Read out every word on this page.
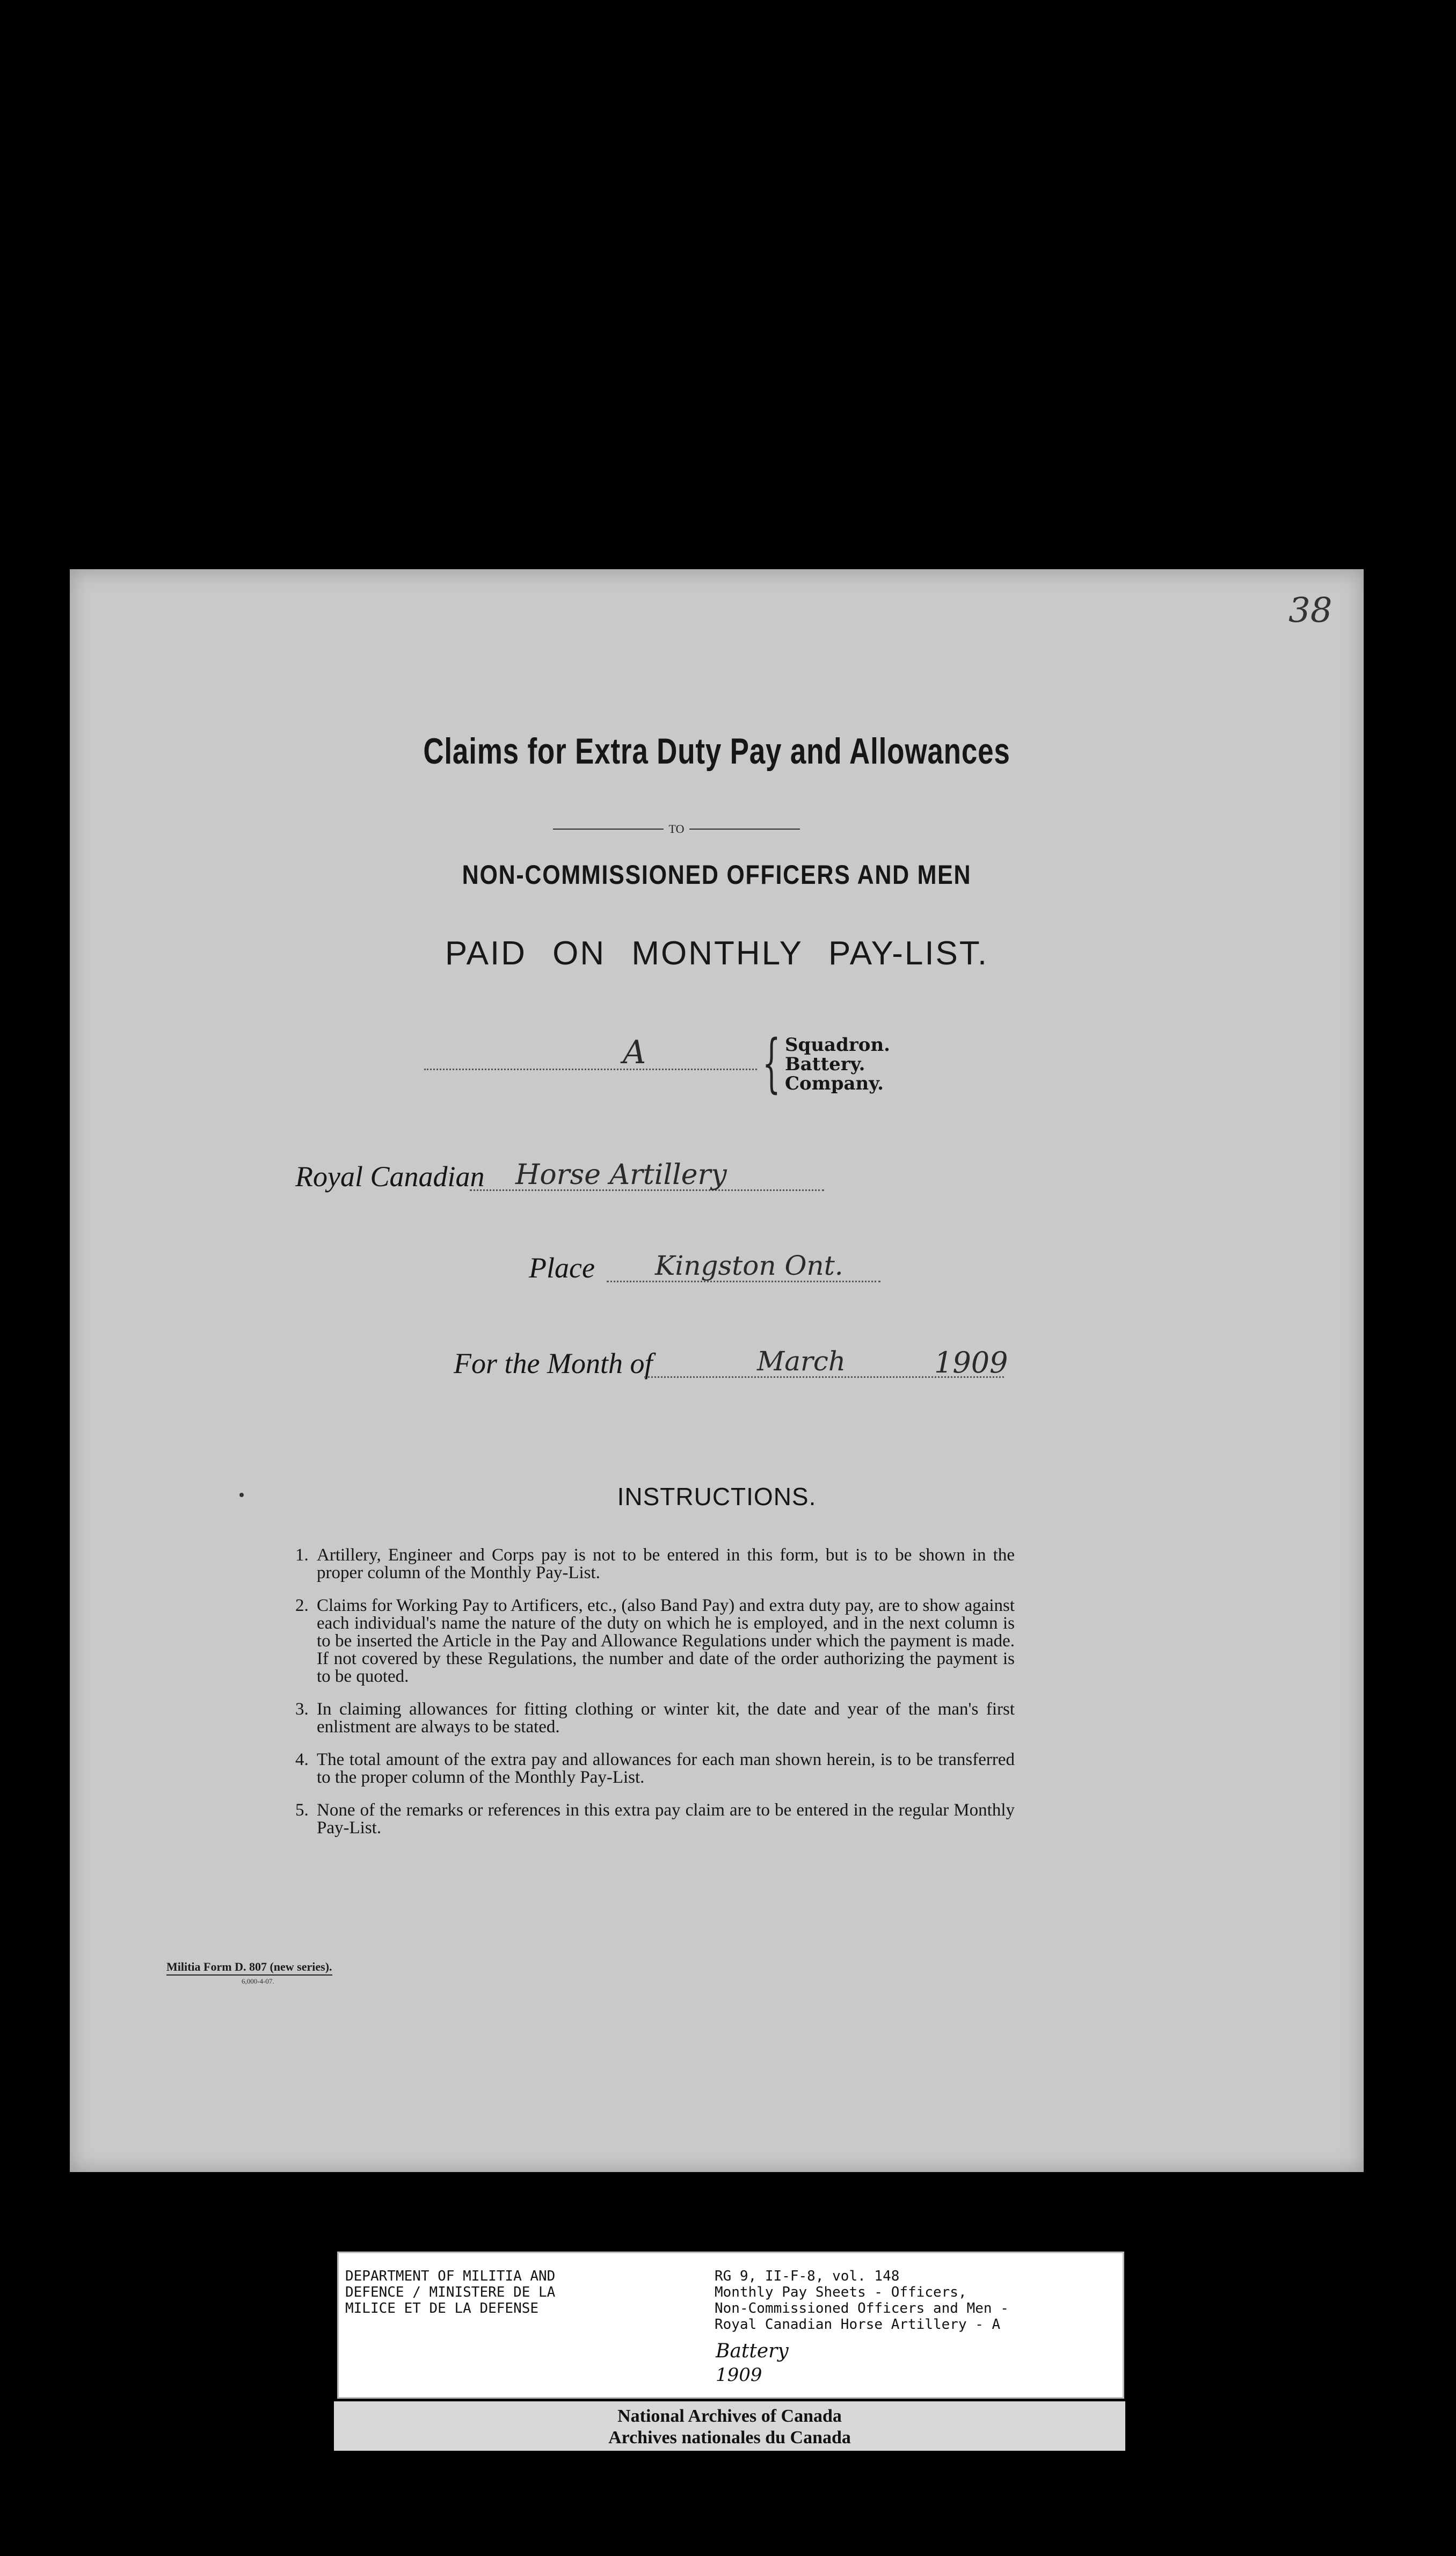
38
Claims for Extra Duty Pay and Allowances
TO
NON-COMMISSIONED OFFICERS AND MEN
PAID ON MONTHLY PAY-LIST.
A { Squadron.
Battery.
Company.
Royal Canadian Horse Artillery
Place Kingston Ont.
For the Month of	March	1909
INSTRUCTIONS.
1. Artillery, Engineer and Corps pay is not to be entered in this form, but is to be shown in the proper column of the Monthly Pay-List.
2. Claims for Working Pay to Artificers, etc., (also Band Pay) and extra duty pay, are to show against each individual's name the nature of the duty on which he is employed, and in the next column is to be inserted the Article in the Pay and Allowance Regulations under which the payment is made. If not covered by these Regulations, the number and date of the order authorizing the payment is to be quoted.
3. In claiming allowances for fitting clothing or winter kit, the date and year of the man's first enlistment are always to be stated.
4. The total amount of the extra pay and allowances for each man shown herein, is to be transferred to the proper column of the Monthly Pay-List.
5. None of the remarks or references in this extra pay claim are to be entered in the regular Monthly Pay-List.
Militia Form D. 807 (new series).
6,000-4-07.
DEPARTMENT OF MILITIA AND
DEFENCE / MINISTERE DE LA
MILICE ET DE LA DEFENSE
RG 9, II-F-8, vol. 148
Monthly Pay Sheets - Officers,
Non-Commissioned Officers and Men -
Royal Canadian Horse Artillery - A
Battery
1909
National Archives of Canada
Archives nationales du Canada
